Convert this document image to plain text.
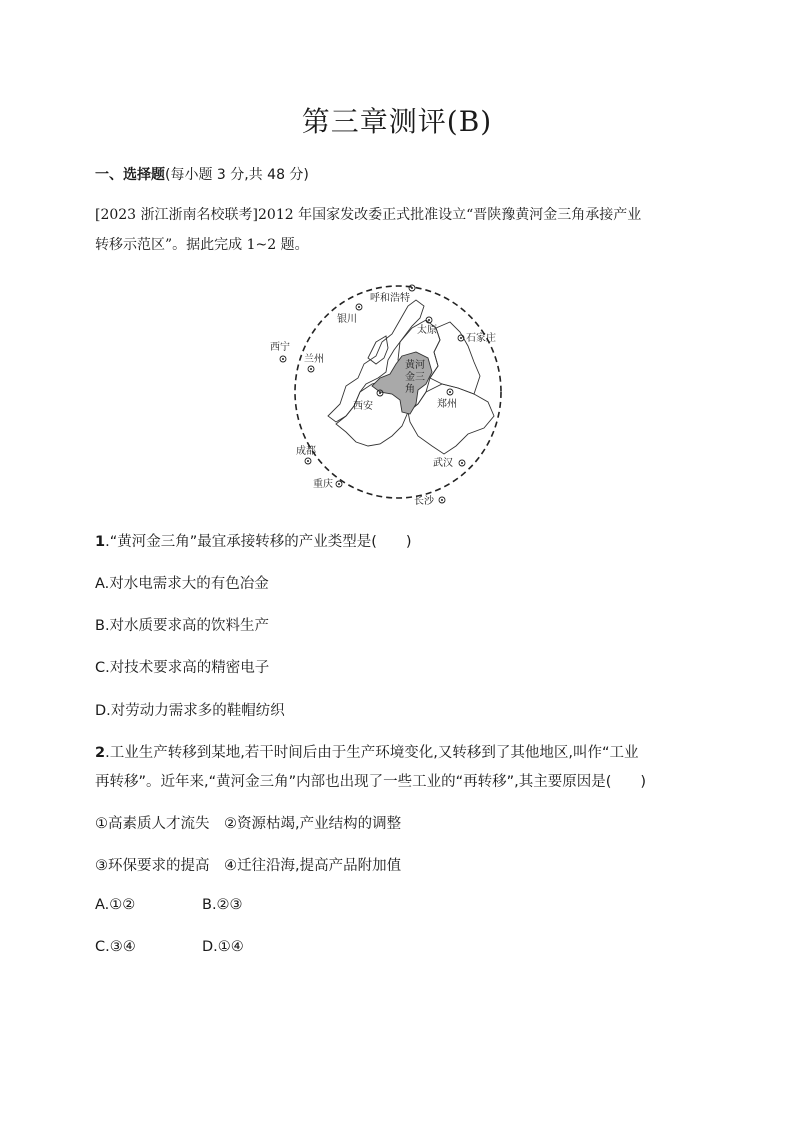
第三章测评(B)
一、选择题(每小题 3 分,共 48 分)
[2023 浙江浙南名校联考]2012 年国家发改委正式批准设立“晋陕豫黄河金三角承接产业
转移示范区”。据此完成 1~2 题。
黄 河
金 三
角
呼和浩特
银川
太原
石家庄
西宁
兰州
西安	郑州
成都
武汉
重庆
长沙
1.“黄河金三角”最宜承接转移的产业类型是(　　)
A.对水电需求大的有色冶金
B.对水质要求高的饮料生产
C.对技术要求高的精密电子
D.对劳动力需求多的鞋帽纺织
2.工业生产转移到某地,若干时间后由于生产环境变化,又转移到了其他地区,叫作“工业
再转移”。近年来,“黄河金三角”内部也出现了一些工业的“再转移”,其主要原因是(　　)
①高素质人才流失　②资源枯竭,产业结构的调整
③环保要求的提高　④迁往沿海,提高产品附加值
A.①②	B.②③
C.③④	D.①④
